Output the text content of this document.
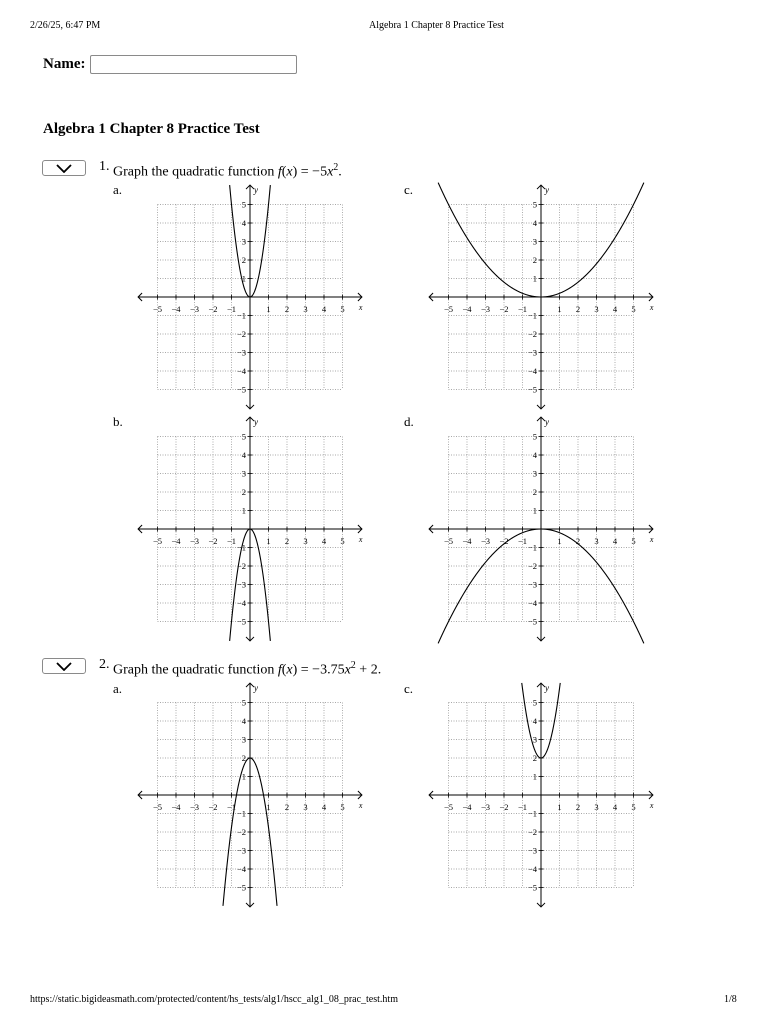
2/26/25, 6:47 PM	Algebra 1 Chapter 8 Practice Test
Name:
Algebra 1 Chapter 8 Practice Test
1. Graph the quadratic function $f(x) = -5x^2$.
a.
x
y
−5 −4 −3 −2 −1	1 2 3 4 5
5
4
3
2
1
−1
−2
−3
−4
−5
c.
x
y
−5 −4 −3 −2 −1	1 2 3 4 5
5
4
3
2
1
−1
−2
−3
−4
−5
b.
x
y
−5 −4 −3 −2 −1	1 2 3 4 5
5
4
3
2
1
−1
−2
−3
−4
−5
d.
x
y
−5 −4 −3 −2 −1	1 2 3 4 5
5
4
3
2
1
−1
−2
−3
−4
−5
2. Graph the quadratic function $f(x) = -3.75x^2 + 2$.
a.
x
y
−5 −4 −3 −2 −1	1 2 3 4 5
5
4
3
2
1
−1
−2
−3
−4
−5
c.
x
y
−5 −4 −3 −2 −1	1 2 3 4 5
5
4
3
2
1
−1
−2
−3
−4
−5
https://static.bigideasmath.com/protected/content/hs_tests/alg1/hscc_alg1_08_prac_test.htm	1/8
